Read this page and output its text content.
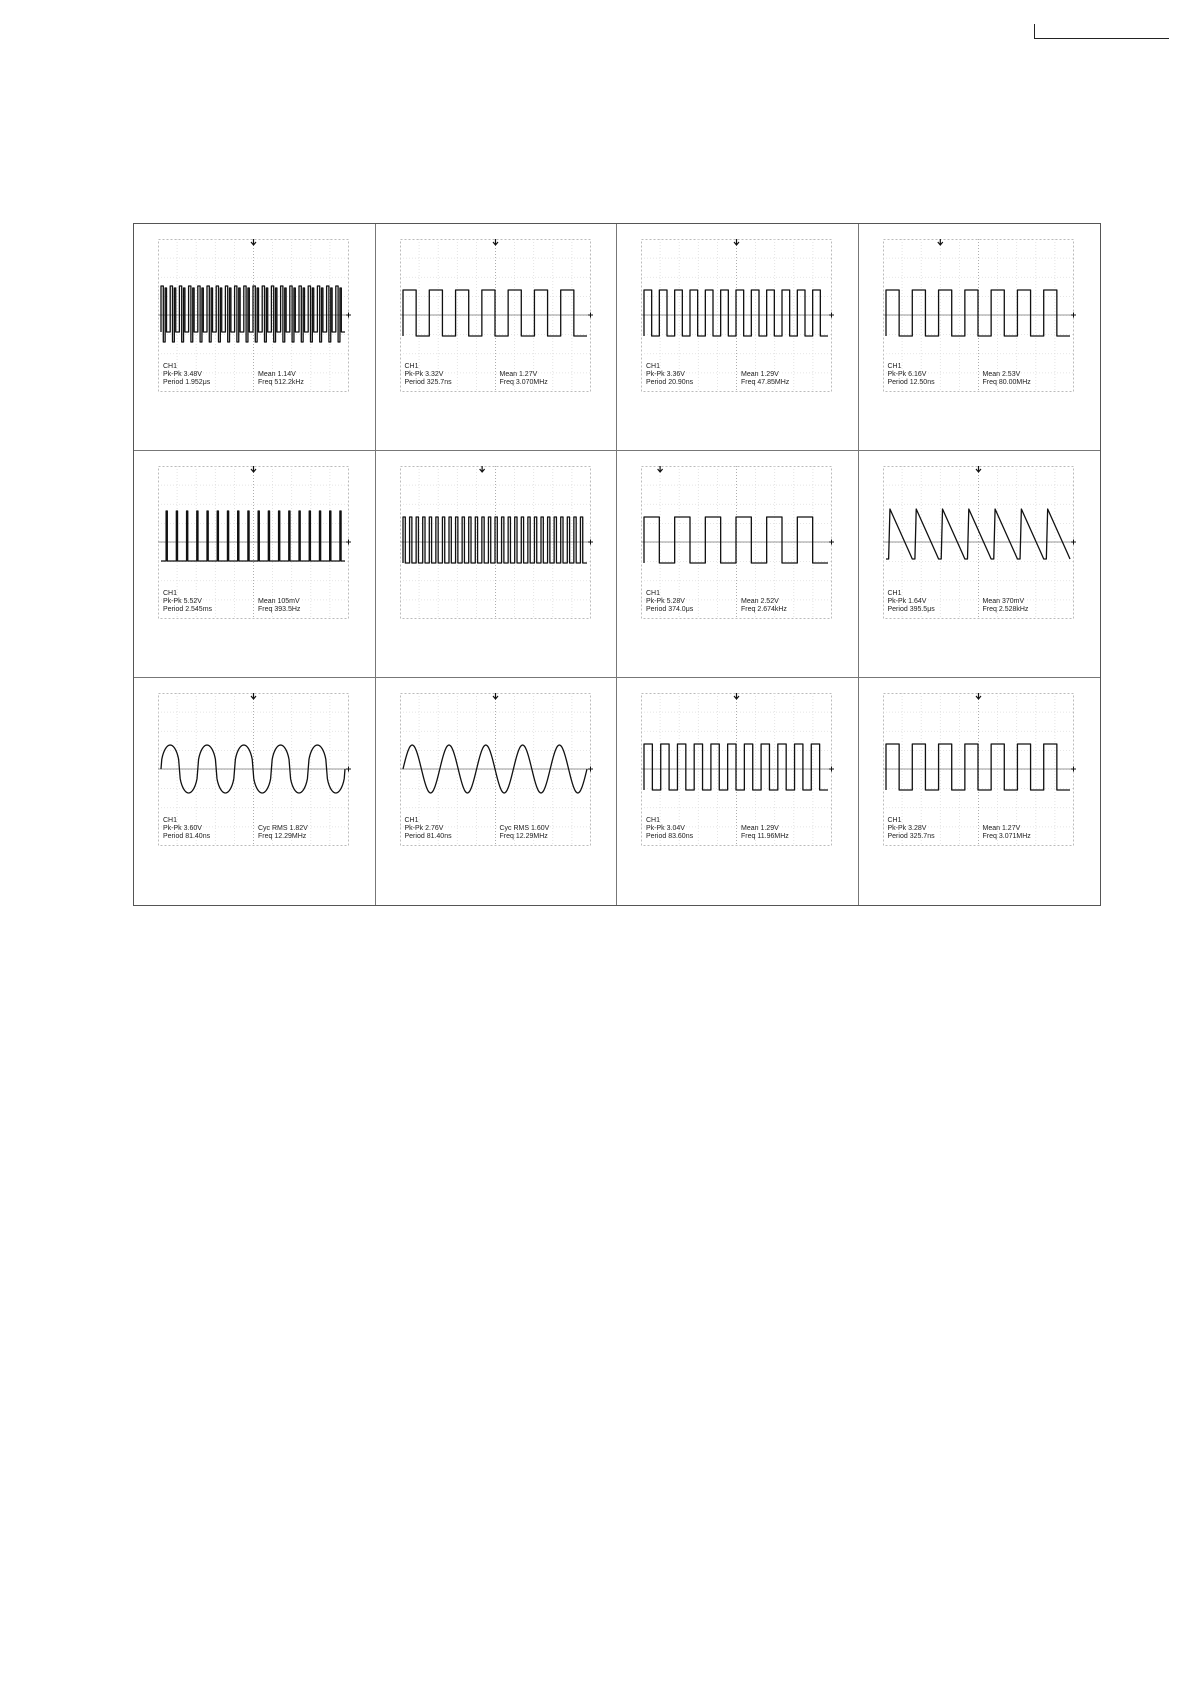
CH1
Pk-Pk 3.48V	Mean 1.14V
Period 1.952μs	Freq 512.2kHz
CH1
Pk-Pk 3.32V	Mean 1.27V
Period 325.7ns	Freq 3.070MHz
CH1
Pk-Pk 3.36V	Mean 1.29V
Period 20.90ns	Freq 47.85MHz
CH1
Pk-Pk 6.16V	Mean 2.53V
Period 12.50ns	Freq 80.00MHz
CH1
Pk-Pk 5.52V	Mean 105mV
Period 2.545ms	Freq 393.5Hz
CH1
Pk-Pk 5.28V	Mean 2.52V
Period 374.0μs	Freq 2.674kHz
CH1
Pk-Pk 1.64V	Mean 370mV
Period 395.5μs	Freq 2.528kHz
CH1
Pk-Pk 3.60V	Cyc RMS 1.82V
Period 81.40ns	Freq 12.29MHz
CH1
Pk-Pk 2.76V	Cyc RMS 1.60V
Period 81.40ns	Freq 12.29MHz
CH1
Pk-Pk 3.04V	Mean 1.29V
Period 83.60ns	Freq 11.96MHz
CH1
Pk-Pk 3.28V	Mean 1.27V
Period 325.7ns	Freq 3.071MHz
